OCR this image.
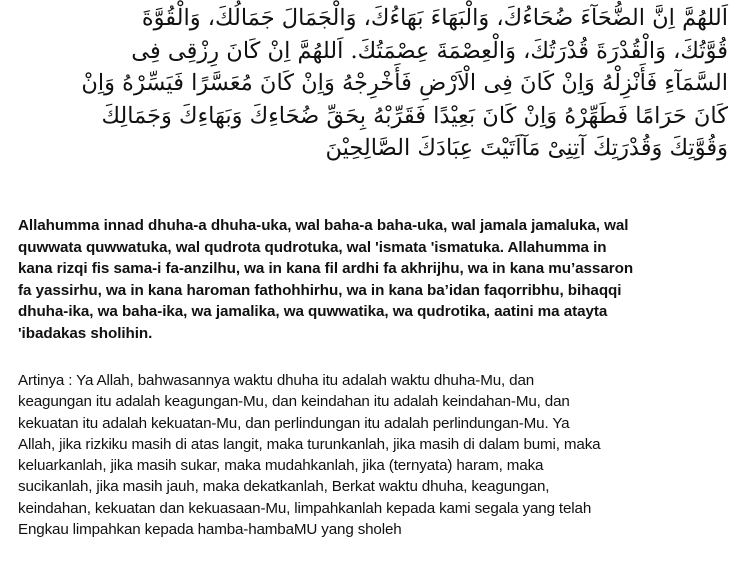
اَللهُمَّ اِنَّ الضُّحَآءَ ضُحَاءُكَ، وَالْبَهَاءَ بَهَاءُكَ، وَالْجَمَالَ جَمَالُكَ، وَالْقُوَّةَ
قُوَّتُكَ، وَالْقُدْرَةَ قُدْرَتُكَ، وَالْعِصْمَةَ عِصْمَتُكَ. اَللهُمَّ اِنْ كَانَ رِزْقِى فِى
السَّمَآءِ فَأَنْزِلْهُ وَاِنْ كَانَ فِى الْاَرْضِ فَأَخْرِجْهُ وَاِنْ كَانَ مُعَسَّرًا فَيَسِّرْهُ وَاِنْ
كَانَ حَرَامًا فَطَهِّرْهُ وَاِنْ كَانَ بَعِيْدًا فَقَرِّبْهُ بِحَقِّ ضُحَاءِكَ وَبَهَاءِكَ وَجَمَالِكَ
وَقُوَّتِكَ وَقُدْرَتِكَ آتِنِىْ مَآاَتَيْتَ عِبَادَكَ الصَّالِحِيْنَ
Allahumma innad dhuha-a dhuha-uka, wal baha-a baha-uka, wal jamala jamaluka, wal
quwwata quwwatuka, wal qudrota qudrotuka, wal 'ismata 'ismatuka. Allahumma in
kana rizqi fis sama-i fa-anzilhu, wa in kana fil ardhi fa akhrijhu, wa in kana mu’assaron
fa yassirhu, wa in kana haroman fathohhirhu, wa in kana ba’idan faqorribhu, bihaqqi
dhuha-ika, wa baha-ika, wa jamalika, wa quwwatika, wa qudrotika, aatini ma atayta
'ibadakas sholihin.
Artinya : Ya Allah, bahwasannya waktu dhuha itu adalah waktu dhuha-Mu, dan
keagungan itu adalah keagungan-Mu, dan keindahan itu adalah keindahan-Mu, dan
kekuatan itu adalah kekuatan-Mu, dan perlindungan itu adalah perlindungan-Mu. Ya
Allah, jika rizkiku masih di atas langit, maka turunkanlah, jika masih di dalam bumi, maka
keluarkanlah, jika masih sukar, maka mudahkanlah, jika (ternyata) haram, maka
sucikanlah, jika masih jauh, maka dekatkanlah, Berkat waktu dhuha, keagungan,
keindahan, kekuatan dan kekuasaan-Mu, limpahkanlah kepada kami segala yang telah
Engkau limpahkan kepada hamba-hambaMU yang sholeh
